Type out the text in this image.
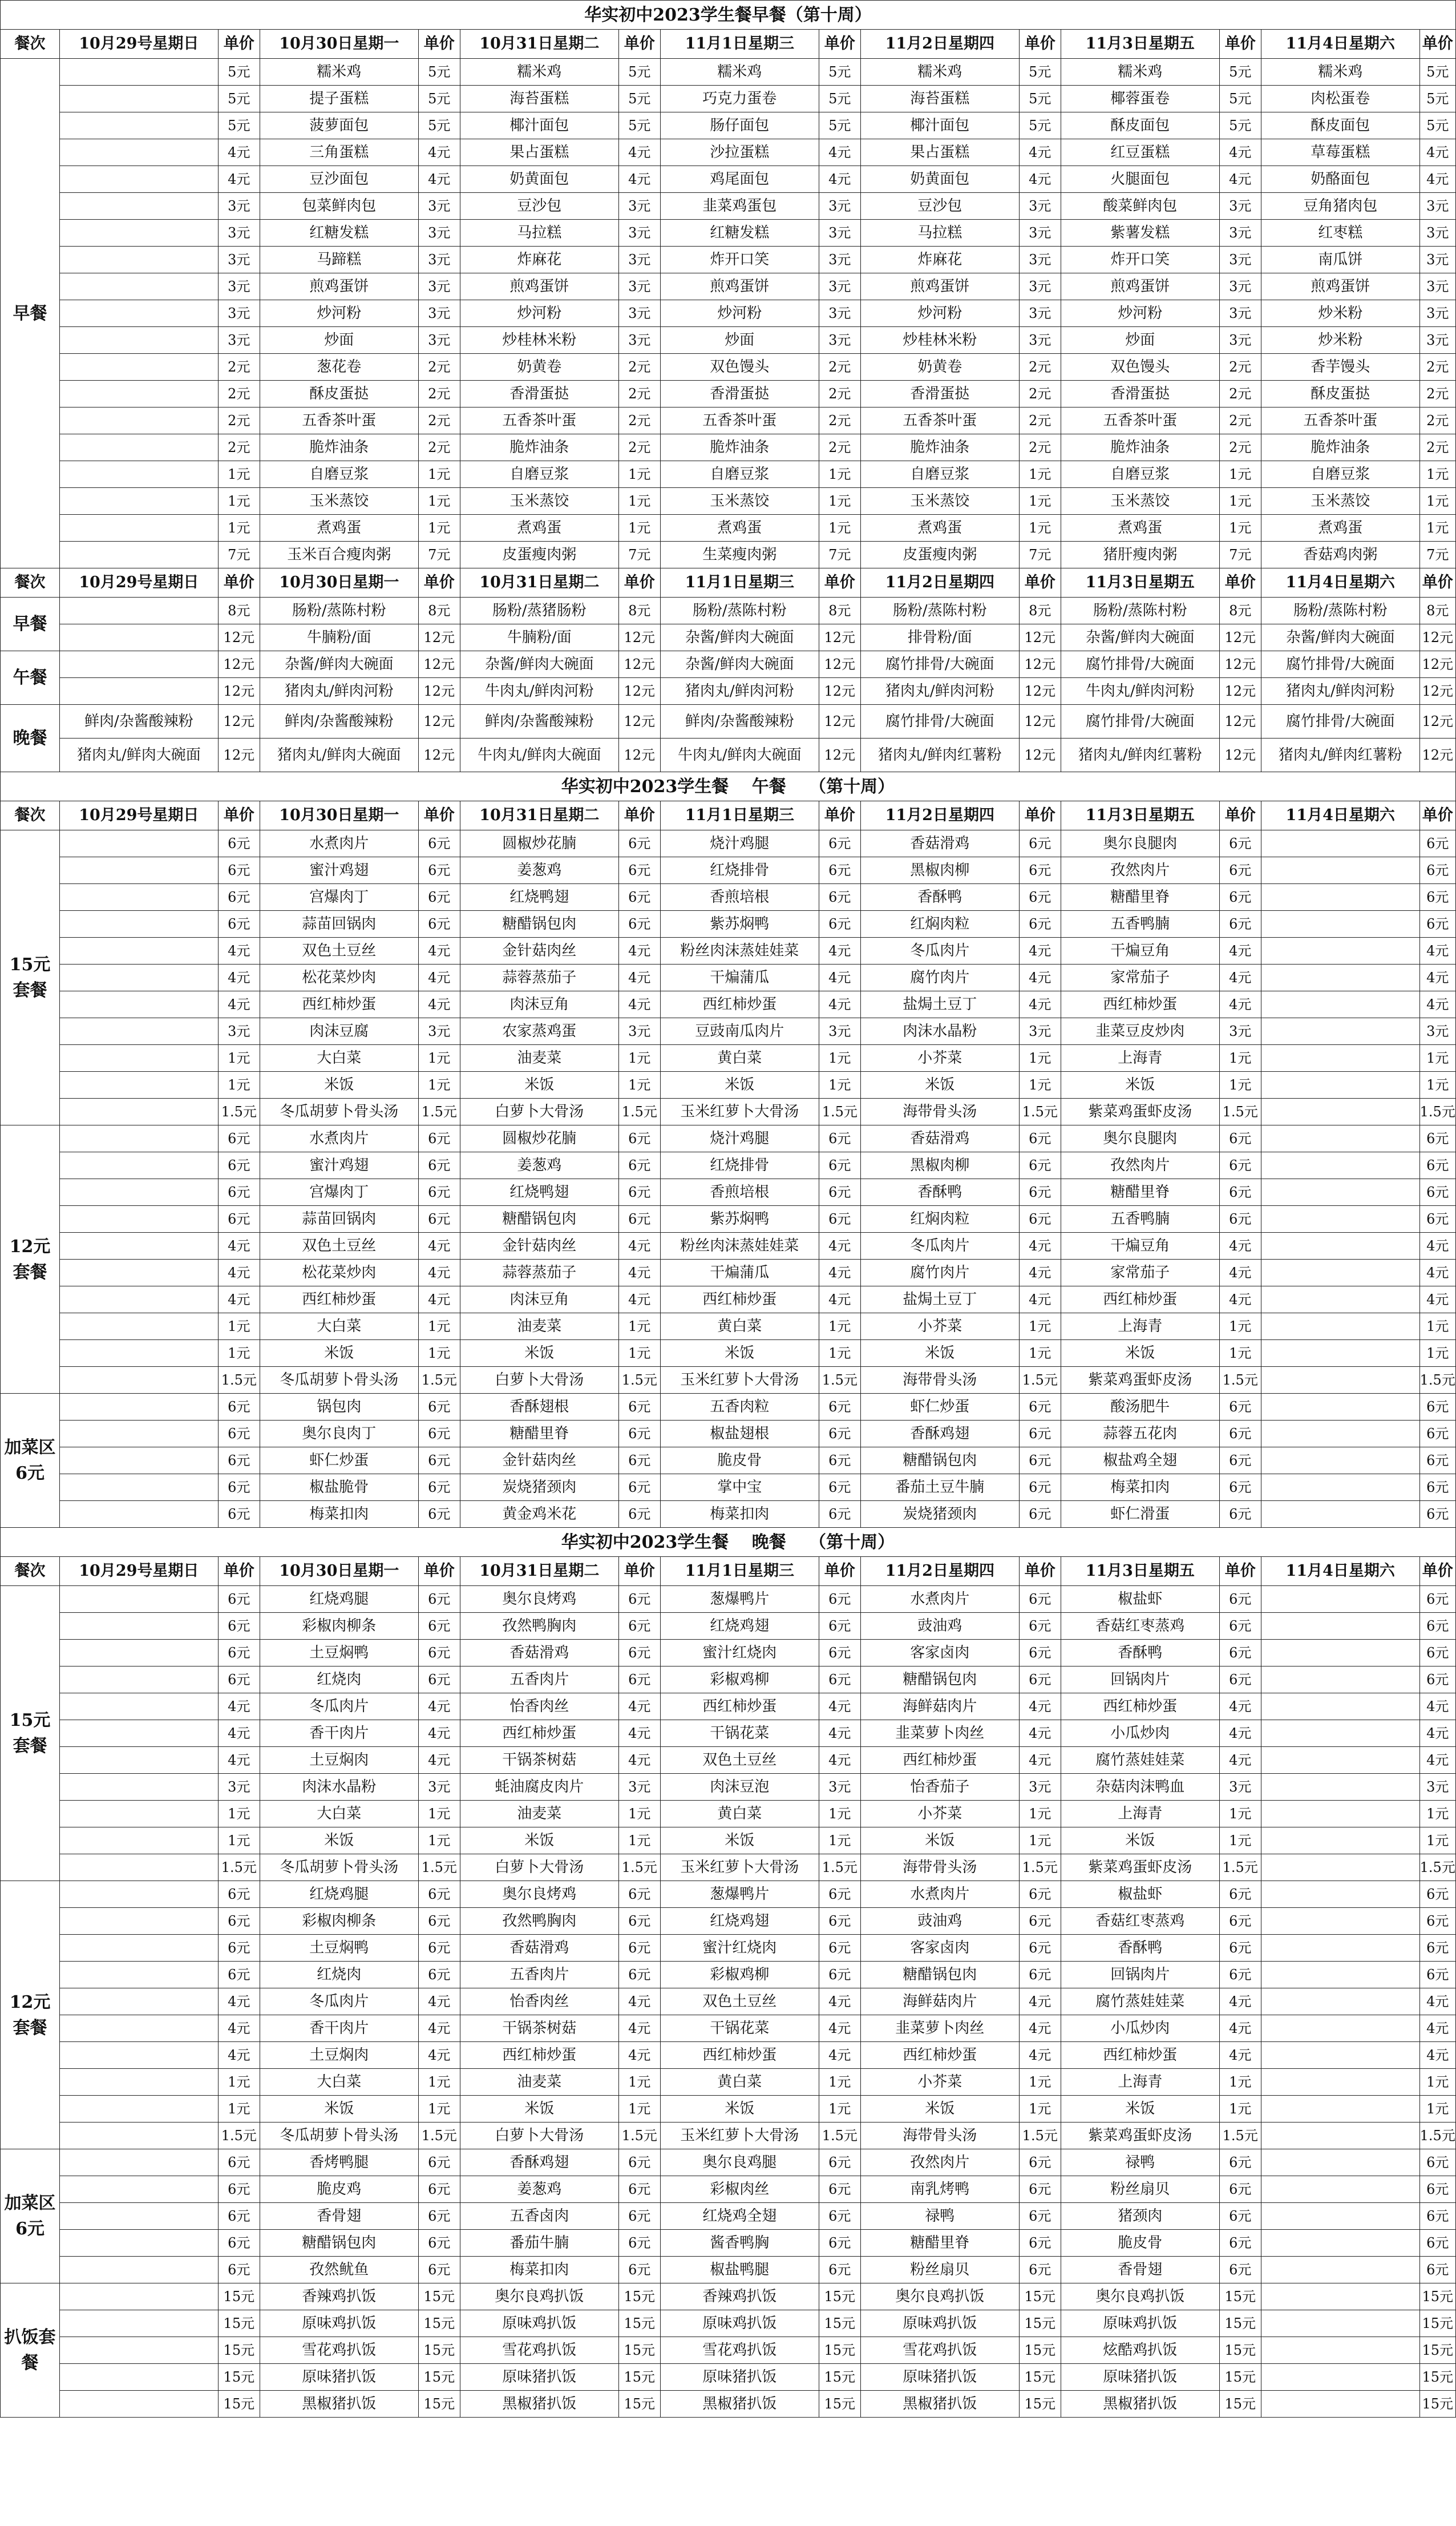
华实初中2023学生餐早餐（第十周）														
餐次	10月29号星期日	单价	10月30日星期一	单价	10月31日星期二	单价	11月1日星期三	单价	11月2日星期四	单价	11月3日星期五	单价	11月4日星期六	单价
早餐		5元	糯米鸡	5元	糯米鸡	5元	糯米鸡	5元	糯米鸡	5元	糯米鸡	5元	糯米鸡	5元
		5元	提子蛋糕	5元	海苔蛋糕	5元	巧克力蛋卷	5元	海苔蛋糕	5元	椰蓉蛋卷	5元	肉松蛋卷	5元
		5元	菠萝面包	5元	椰汁面包	5元	肠仔面包	5元	椰汁面包	5元	酥皮面包	5元	酥皮面包	5元
		4元	三角蛋糕	4元	果占蛋糕	4元	沙拉蛋糕	4元	果占蛋糕	4元	红豆蛋糕	4元	草莓蛋糕	4元
		4元	豆沙面包	4元	奶黄面包	4元	鸡尾面包	4元	奶黄面包	4元	火腿面包	4元	奶酪面包	4元
		3元	包菜鲜肉包	3元	豆沙包	3元	韭菜鸡蛋包	3元	豆沙包	3元	酸菜鲜肉包	3元	豆角猪肉包	3元
		3元	红糖发糕	3元	马拉糕	3元	红糖发糕	3元	马拉糕	3元	紫薯发糕	3元	红枣糕	3元
		3元	马蹄糕	3元	炸麻花	3元	炸开口笑	3元	炸麻花	3元	炸开口笑	3元	南瓜饼	3元
		3元	煎鸡蛋饼	3元	煎鸡蛋饼	3元	煎鸡蛋饼	3元	煎鸡蛋饼	3元	煎鸡蛋饼	3元	煎鸡蛋饼	3元
		3元	炒河粉	3元	炒河粉	3元	炒河粉	3元	炒河粉	3元	炒河粉	3元	炒米粉	3元
		3元	炒面	3元	炒桂林米粉	3元	炒面	3元	炒桂林米粉	3元	炒面	3元	炒米粉	3元
		2元	葱花卷	2元	奶黄卷	2元	双色馒头	2元	奶黄卷	2元	双色馒头	2元	香芋馒头	2元
		2元	酥皮蛋挞	2元	香滑蛋挞	2元	香滑蛋挞	2元	香滑蛋挞	2元	香滑蛋挞	2元	酥皮蛋挞	2元
		2元	五香茶叶蛋	2元	五香茶叶蛋	2元	五香茶叶蛋	2元	五香茶叶蛋	2元	五香茶叶蛋	2元	五香茶叶蛋	2元
		2元	脆炸油条	2元	脆炸油条	2元	脆炸油条	2元	脆炸油条	2元	脆炸油条	2元	脆炸油条	2元
		1元	自磨豆浆	1元	自磨豆浆	1元	自磨豆浆	1元	自磨豆浆	1元	自磨豆浆	1元	自磨豆浆	1元
		1元	玉米蒸饺	1元	玉米蒸饺	1元	玉米蒸饺	1元	玉米蒸饺	1元	玉米蒸饺	1元	玉米蒸饺	1元
		1元	煮鸡蛋	1元	煮鸡蛋	1元	煮鸡蛋	1元	煮鸡蛋	1元	煮鸡蛋	1元	煮鸡蛋	1元
		7元	玉米百合瘦肉粥	7元	皮蛋瘦肉粥	7元	生菜瘦肉粥	7元	皮蛋瘦肉粥	7元	猪肝瘦肉粥	7元	香菇鸡肉粥	7元
餐次	10月29号星期日	单价	10月30日星期一	单价	10月31日星期二	单价	11月1日星期三	单价	11月2日星期四	单价	11月3日星期五	单价	11月4日星期六	单价
早餐		8元	肠粉/蒸陈村粉	8元	肠粉/蒸猪肠粉	8元	肠粉/蒸陈村粉	8元	肠粉/蒸陈村粉	8元	肠粉/蒸陈村粉	8元	肠粉/蒸陈村粉	8元
		12元	牛腩粉/面	12元	牛腩粉/面	12元	杂酱/鲜肉大碗面	12元	排骨粉/面	12元	杂酱/鲜肉大碗面	12元	杂酱/鲜肉大碗面	12元
午餐		12元	杂酱/鲜肉大碗面	12元	杂酱/鲜肉大碗面	12元	杂酱/鲜肉大碗面	12元	腐竹排骨/大碗面	12元	腐竹排骨/大碗面	12元	腐竹排骨/大碗面	12元
		12元	猪肉丸/鲜肉河粉	12元	牛肉丸/鲜肉河粉	12元	猪肉丸/鲜肉河粉	12元	猪肉丸/鲜肉河粉	12元	牛肉丸/鲜肉河粉	12元	猪肉丸/鲜肉河粉	12元
晚餐	鲜肉/杂酱酸辣粉	12元	鲜肉/杂酱酸辣粉	12元	鲜肉/杂酱酸辣粉	12元	鲜肉/杂酱酸辣粉	12元	腐竹排骨/大碗面	12元	腐竹排骨/大碗面	12元	腐竹排骨/大碗面	12元
	猪肉丸/鲜肉大碗面	12元	猪肉丸/鲜肉大碗面	12元	牛肉丸/鲜肉大碗面	12元	牛肉丸/鲜肉大碗面	12元	猪肉丸/鲜肉红薯粉	12元	猪肉丸/鲜肉红薯粉	12元	猪肉丸/鲜肉红薯粉	12元
华实初中2023学生餐　 午餐　 （第十周）														
餐次	10月29号星期日	单价	10月30日星期一	单价	10月31日星期二	单价	11月1日星期三	单价	11月2日星期四	单价	11月3日星期五	单价	11月4日星期六	单价
15元套餐		6元	水煮肉片	6元	圆椒炒花腩	6元	烧汁鸡腿	6元	香菇滑鸡	6元	奥尔良腿肉	6元		6元
		6元	蜜汁鸡翅	6元	姜葱鸡	6元	红烧排骨	6元	黑椒肉柳	6元	孜然肉片	6元		6元
		6元	宫爆肉丁	6元	红烧鸭翅	6元	香煎培根	6元	香酥鸭	6元	糖醋里脊	6元		6元
		6元	蒜苗回锅肉	6元	糖醋锅包肉	6元	紫苏焖鸭	6元	红焖肉粒	6元	五香鸭腩	6元		6元
		4元	双色土豆丝	4元	金针菇肉丝	4元	粉丝肉沫蒸娃娃菜	4元	冬瓜肉片	4元	干煸豆角	4元		4元
		4元	松花菜炒肉	4元	蒜蓉蒸茄子	4元	干煸蒲瓜	4元	腐竹肉片	4元	家常茄子	4元		4元
		4元	西红柿炒蛋	4元	肉沫豆角	4元	西红柿炒蛋	4元	盐焗土豆丁	4元	西红柿炒蛋	4元		4元
		3元	肉沫豆腐	3元	农家蒸鸡蛋	3元	豆豉南瓜肉片	3元	肉沫水晶粉	3元	韭菜豆皮炒肉	3元		3元
		1元	大白菜	1元	油麦菜	1元	黄白菜	1元	小芥菜	1元	上海青	1元		1元
		1元	米饭	1元	米饭	1元	米饭	1元	米饭	1元	米饭	1元		1元
		1.5元	冬瓜胡萝卜骨头汤	1.5元	白萝卜大骨汤	1.5元	玉米红萝卜大骨汤	1.5元	海带骨头汤	1.5元	紫菜鸡蛋虾皮汤	1.5元		1.5元
12元套餐		6元	水煮肉片	6元	圆椒炒花腩	6元	烧汁鸡腿	6元	香菇滑鸡	6元	奥尔良腿肉	6元		6元
		6元	蜜汁鸡翅	6元	姜葱鸡	6元	红烧排骨	6元	黑椒肉柳	6元	孜然肉片	6元		6元
		6元	宫爆肉丁	6元	红烧鸭翅	6元	香煎培根	6元	香酥鸭	6元	糖醋里脊	6元		6元
		6元	蒜苗回锅肉	6元	糖醋锅包肉	6元	紫苏焖鸭	6元	红焖肉粒	6元	五香鸭腩	6元		6元
		4元	双色土豆丝	4元	金针菇肉丝	4元	粉丝肉沫蒸娃娃菜	4元	冬瓜肉片	4元	干煸豆角	4元		4元
		4元	松花菜炒肉	4元	蒜蓉蒸茄子	4元	干煸蒲瓜	4元	腐竹肉片	4元	家常茄子	4元		4元
		4元	西红柿炒蛋	4元	肉沫豆角	4元	西红柿炒蛋	4元	盐焗土豆丁	4元	西红柿炒蛋	4元		4元
		1元	大白菜	1元	油麦菜	1元	黄白菜	1元	小芥菜	1元	上海青	1元		1元
		1元	米饭	1元	米饭	1元	米饭	1元	米饭	1元	米饭	1元		1元
		1.5元	冬瓜胡萝卜骨头汤	1.5元	白萝卜大骨汤	1.5元	玉米红萝卜大骨汤	1.5元	海带骨头汤	1.5元	紫菜鸡蛋虾皮汤	1.5元		1.5元
加菜区6元		6元	锅包肉	6元	香酥翅根	6元	五香肉粒	6元	虾仁炒蛋	6元	酸汤肥牛	6元		6元
		6元	奥尔良肉丁	6元	糖醋里脊	6元	椒盐翅根	6元	香酥鸡翅	6元	蒜蓉五花肉	6元		6元
		6元	虾仁炒蛋	6元	金针菇肉丝	6元	脆皮骨	6元	糖醋锅包肉	6元	椒盐鸡全翅	6元		6元
		6元	椒盐脆骨	6元	炭烧猪颈肉	6元	掌中宝	6元	番茄土豆牛腩	6元	梅菜扣肉	6元		6元
		6元	梅菜扣肉	6元	黄金鸡米花	6元	梅菜扣肉	6元	炭烧猪颈肉	6元	虾仁滑蛋	6元		6元
华实初中2023学生餐　 晚餐　 （第十周）														
餐次	10月29号星期日	单价	10月30日星期一	单价	10月31日星期二	单价	11月1日星期三	单价	11月2日星期四	单价	11月3日星期五	单价	11月4日星期六	单价
15元套餐		6元	红烧鸡腿	6元	奥尔良烤鸡	6元	葱爆鸭片	6元	水煮肉片	6元	椒盐虾	6元		6元
		6元	彩椒肉柳条	6元	孜然鸭胸肉	6元	红烧鸡翅	6元	豉油鸡	6元	香菇红枣蒸鸡	6元		6元
		6元	土豆焖鸭	6元	香菇滑鸡	6元	蜜汁红烧肉	6元	客家卤肉	6元	香酥鸭	6元		6元
		6元	红烧肉	6元	五香肉片	6元	彩椒鸡柳	6元	糖醋锅包肉	6元	回锅肉片	6元		6元
		4元	冬瓜肉片	4元	怡香肉丝	4元	西红柿炒蛋	4元	海鲜菇肉片	4元	西红柿炒蛋	4元		4元
		4元	香干肉片	4元	西红柿炒蛋	4元	干锅花菜	4元	韭菜萝卜肉丝	4元	小瓜炒肉	4元		4元
		4元	土豆焖肉	4元	干锅茶树菇	4元	双色土豆丝	4元	西红柿炒蛋	4元	腐竹蒸娃娃菜	4元		4元
		3元	肉沫水晶粉	3元	蚝油腐皮肉片	3元	肉沫豆泡	3元	怡香茄子	3元	杂菇肉沫鸭血	3元		3元
		1元	大白菜	1元	油麦菜	1元	黄白菜	1元	小芥菜	1元	上海青	1元		1元
		1元	米饭	1元	米饭	1元	米饭	1元	米饭	1元	米饭	1元		1元
		1.5元	冬瓜胡萝卜骨头汤	1.5元	白萝卜大骨汤	1.5元	玉米红萝卜大骨汤	1.5元	海带骨头汤	1.5元	紫菜鸡蛋虾皮汤	1.5元		1.5元
12元套餐		6元	红烧鸡腿	6元	奥尔良烤鸡	6元	葱爆鸭片	6元	水煮肉片	6元	椒盐虾	6元		6元
		6元	彩椒肉柳条	6元	孜然鸭胸肉	6元	红烧鸡翅	6元	豉油鸡	6元	香菇红枣蒸鸡	6元		6元
		6元	土豆焖鸭	6元	香菇滑鸡	6元	蜜汁红烧肉	6元	客家卤肉	6元	香酥鸭	6元		6元
		6元	红烧肉	6元	五香肉片	6元	彩椒鸡柳	6元	糖醋锅包肉	6元	回锅肉片	6元		6元
		4元	冬瓜肉片	4元	怡香肉丝	4元	双色土豆丝	4元	海鲜菇肉片	4元	腐竹蒸娃娃菜	4元		4元
		4元	香干肉片	4元	干锅茶树菇	4元	干锅花菜	4元	韭菜萝卜肉丝	4元	小瓜炒肉	4元		4元
		4元	土豆焖肉	4元	西红柿炒蛋	4元	西红柿炒蛋	4元	西红柿炒蛋	4元	西红柿炒蛋	4元		4元
		1元	大白菜	1元	油麦菜	1元	黄白菜	1元	小芥菜	1元	上海青	1元		1元
		1元	米饭	1元	米饭	1元	米饭	1元	米饭	1元	米饭	1元		1元
		1.5元	冬瓜胡萝卜骨头汤	1.5元	白萝卜大骨汤	1.5元	玉米红萝卜大骨汤	1.5元	海带骨头汤	1.5元	紫菜鸡蛋虾皮汤	1.5元		1.5元
加菜区6元		6元	香烤鸭腿	6元	香酥鸡翅	6元	奥尔良鸡腿	6元	孜然肉片	6元	禄鸭	6元		6元
		6元	脆皮鸡	6元	姜葱鸡	6元	彩椒肉丝	6元	南乳烤鸭	6元	粉丝扇贝	6元		6元
		6元	香骨翅	6元	五香卤肉	6元	红烧鸡全翅	6元	禄鸭	6元	猪颈肉	6元		6元
		6元	糖醋锅包肉	6元	番茄牛腩	6元	酱香鸭胸	6元	糖醋里脊	6元	脆皮骨	6元		6元
		6元	孜然鱿鱼	6元	梅菜扣肉	6元	椒盐鸭腿	6元	粉丝扇贝	6元	香骨翅	6元		6元
扒饭套餐		15元	香辣鸡扒饭	15元	奥尔良鸡扒饭	15元	香辣鸡扒饭	15元	奥尔良鸡扒饭	15元	奥尔良鸡扒饭	15元		15元
		15元	原味鸡扒饭	15元	原味鸡扒饭	15元	原味鸡扒饭	15元	原味鸡扒饭	15元	原味鸡扒饭	15元		15元
		15元	雪花鸡扒饭	15元	雪花鸡扒饭	15元	雪花鸡扒饭	15元	雪花鸡扒饭	15元	炫酷鸡扒饭	15元		15元
		15元	原味猪扒饭	15元	原味猪扒饭	15元	原味猪扒饭	15元	原味猪扒饭	15元	原味猪扒饭	15元		15元
		15元	黑椒猪扒饭	15元	黑椒猪扒饭	15元	黑椒猪扒饭	15元	黑椒猪扒饭	15元	黑椒猪扒饭	15元		15元
